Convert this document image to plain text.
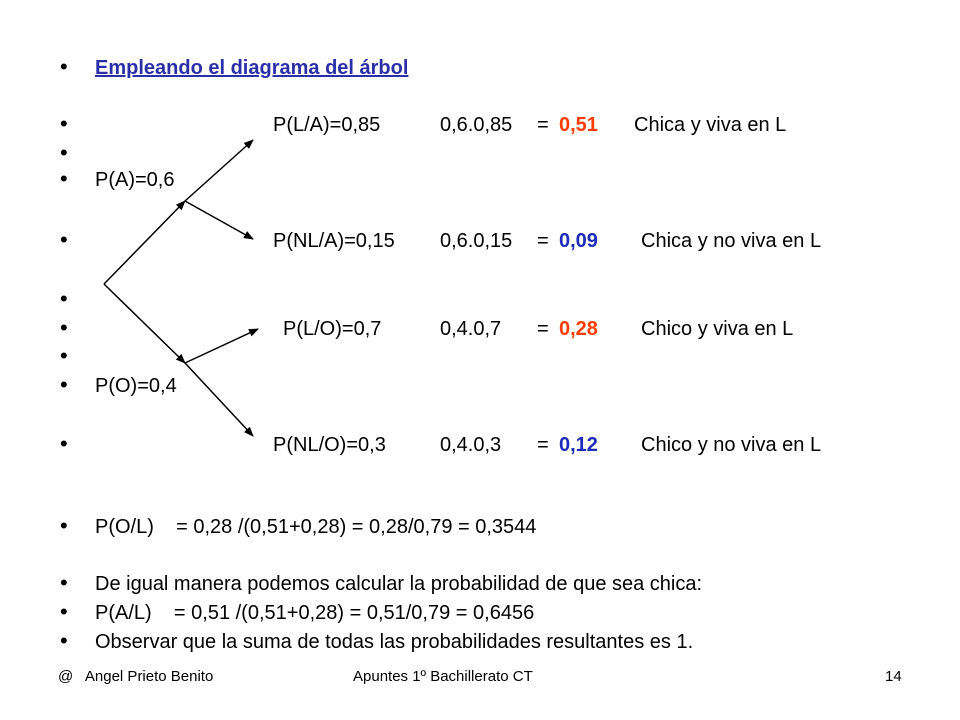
•
•
•
•
•
•
•
•
•
•
•
•
•
•
Empleando el diagrama del árbol
P(L/A)=0,85	0,6.0,85 = 0,51 Chica y viva en L
P(A)=0,6
P(NL/A)=0,15 0,6.0,15 = 0,09 Chica y no viva en L
P(L/O)=0,7	0,4.0,7 = 0,28 Chico y viva en L
P(O)=0,4
P(NL/O)=0,3	0,4.0,3 = 0,12 Chico y no viva en L
P(O/L)    = 0,28 /(0,51+0,28) = 0,28/0,79 = 0,3544
De igual manera podemos calcular la probabilidad de que sea chica:
P(A/L)    = 0,51 /(0,51+0,28) = 0,51/0,79 = 0,6456
Observar que la suma de todas las probabilidades resultantes es 1.
@   Angel Prieto Benito	Apuntes 1º Bachillerato CT	14
